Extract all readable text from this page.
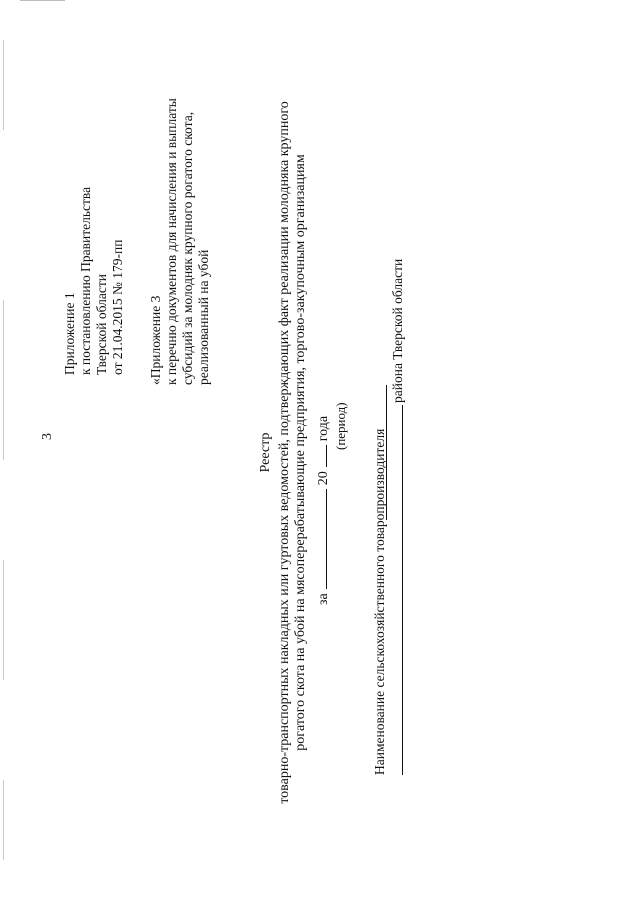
3
Приложение 1 к постановлению Правительства Тверской области от 21.04.2015 № 179-пп «Приложение 3 к перечню документов для начисления и выплаты субсидий за молодняк крупного рогатого скота, реализованный на убой
Реестр товарно-транспортных накладных или гуртовых ведомостей, подтверждающих факт реализации молодняка крупного рогатого скота на убой на мясоперерабатывающие предприятия, торгово-закупочным организациям за20года (период)
Наименование сельскохозяйственного товаропроизводителя
района Тверской области
